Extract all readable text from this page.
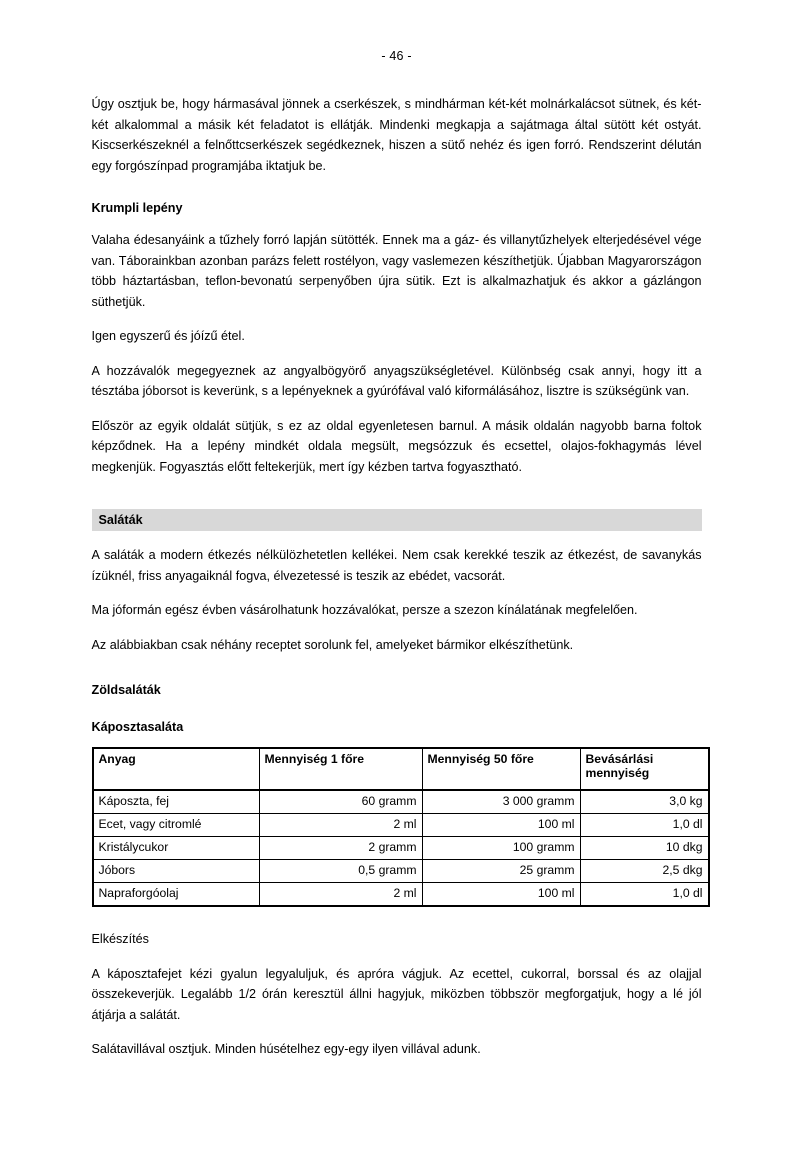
- 46 -

Úgy osztjuk be, hogy hármasával jönnek a cserkészek, s mindhárman két-két molnárkalácsot sütnek, és két-két alkalommal a másik két feladatot is ellátják. Mindenki megkapja a sajátmaga által sütött két ostyát. Kiscserkészeknél a felnőttcserkészek segédkeznek, hiszen a sütő nehéz és igen forró. Rendszerint délután egy forgószínpad programjába iktatjuk be.

Krumpli lepény

Valaha édesanyáink a tűzhely forró lapján sütötték. Ennek ma a gáz- és villanytűzhelyek elterjedésével vége van. Táborainkban azonban parázs felett rostélyon, vagy vaslemezen készíthetjük. Újabban Magyarországon több háztartásban, teflon-bevonatú serpenyőben újra sütik. Ezt is alkalmazhatjuk és akkor a gázlángon süthetjük.

Igen egyszerű és jóízű étel.

A hozzávalók megegyeznek az angyalbögyörő anyagszükségletével. Különbség csak annyi, hogy itt a tésztába jóborsot is keverünk, s a lepényeknek a gyúrófával való kiformálásához, lisztre is szükségünk van.

Először az egyik oldalát sütjük, s ez az oldal egyenletesen barnul. A másik oldalán nagyobb barna foltok képződnek. Ha a lepény mindkét oldala megsült, megsózzuk és ecsettel, olajos-fokhagymás lével megkenjük. Fogyasztás előtt feltekerjük, mert így kézben tartva fogyasztható.

Saláták

A saláták a modern étkezés nélkülözhetetlen kellékei. Nem csak kerekké teszik az étkezést, de savanykás ízüknél, friss anyagaiknál fogva, élvezetessé is teszik az ebédet, vacsorát.

Ma jóformán egész évben vásárolhatunk hozzávalókat, persze a szezon kínálatának megfelelően.

Az alábbiakban csak néhány receptet sorolunk fel, amelyeket bármikor elkészíthetünk.

Zöldsaláták
Káposztasaláta
Anyag	Mennyiség 1 főre	Mennyiség 50 főre	Bevásárlási mennyiség
Káposzta, fej	60 gramm	3 000 gramm	3,0 kg
Ecet, vagy citromlé	2 ml	100 ml	1,0 dl
Kristálycukor	2 gramm	100 gramm	10 dkg
Jóbors	0,5 gramm	25 gramm	2,5 dkg
Napraforgóolaj	2 ml	100 ml	1,0 dl

Elkészítés

A káposztafejet kézi gyalun legyaluljuk, és apróra vágjuk. Az ecettel, cukorral, borssal és az olajjal összekeverjük. Legalább 1/2 órán keresztül állni hagyjuk, miközben többször megforgatjuk, hogy a lé jól átjárja a salátát.

Salátavillával osztjuk. Minden húsételhez egy-egy ilyen villával adunk.
